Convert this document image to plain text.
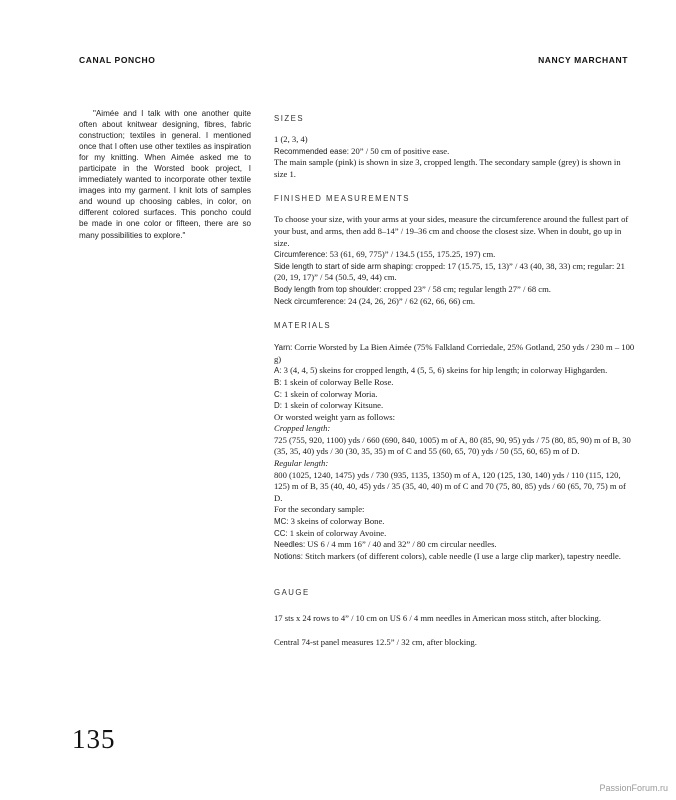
CANAL PONCHO	NANCY MARCHANT

"Aimée and I talk with one another quite often about knitwear designing, fibres, fabric construction; textiles in general. I mentioned once that I often use other textiles as inspiration for my knitting. When Aimée asked me to participate in the Worsted book project, I immediately wanted to incorporate other textile images into my garment. I knit lots of samples and wound up choosing cables, in color, on different colored surfaces. This poncho could be made in one color or fifteen, there are so many possibilities to explore."

SIZES

1 (2, 3, 4)

Recommended ease: 20” / 50 cm of positive ease.

The main sample (pink) is shown in size 3, cropped length. The secondary sample (grey) is shown in size 1.

FINISHED MEASUREMENTS

To choose your size, with your arms at your sides, measure the circumference around the fullest part of your bust, and arms, then add 8–14” / 19–36 cm and choose the closest size. When in doubt, go up in size.

Circumference: 53 (61, 69, 775)” / 134.5 (155, 175.25, 197) cm.

Side length to start of side arm shaping: cropped: 17 (15.75, 15, 13)” / 43 (40, 38, 33) cm; regular: 21 (20, 19, 17)” / 54 (50.5, 49, 44) cm.

Body length from top shoulder: cropped 23” / 58 cm; regular length 27” / 68 cm.

Neck circumference: 24 (24, 26, 26)” / 62 (62, 66, 66) cm.

MATERIALS

Yarn: Corrie Worsted by La Bien Aimée (75% Falkland Corriedale, 25% Gotland, 250 yds / 230 m – 100 g)

A: 3 (4, 4, 5) skeins for cropped length, 4 (5, 5, 6) skeins for hip length; in colorway Highgarden.

B: 1 skein of colorway Belle Rose.

C: 1 skein of colorway Moria.

D: 1 skein of colorway Kitsune.

Or worsted weight yarn as follows:

Cropped length:

725 (755, 920, 1100) yds / 660 (690, 840, 1005) m of A, 80 (85, 90, 95) yds / 75 (80, 85, 90) m of B, 30 (35, 35, 40) yds / 30 (30, 35, 35) m of C and 55 (60, 65, 70) yds / 50 (55, 60, 65) m of D.

Regular length:

800 (1025, 1240, 1475) yds / 730 (935, 1135, 1350) m of A, 120 (125, 130, 140) yds / 110 (115, 120, 125) m of B, 35 (40, 40, 45) yds / 35 (35, 40, 40) m of C and 70 (75, 80, 85) yds / 60 (65, 70, 75) m of D.

For the secondary sample:

MC: 3 skeins of colorway Bone.

CC: 1 skein of colorway Avoine.

Needles: US 6 / 4 mm 16” / 40 and 32” / 80 cm circular needles.

Notions: Stitch markers (of different colors), cable needle (I use a large clip marker), tapestry needle.

GAUGE

17 sts x 24 rows to 4” / 10 cm on US 6 / 4 mm needles in American moss stitch, after blocking.

Central 74-st panel measures 12.5” / 32 cm, after blocking.

135
PassionForum.ru
